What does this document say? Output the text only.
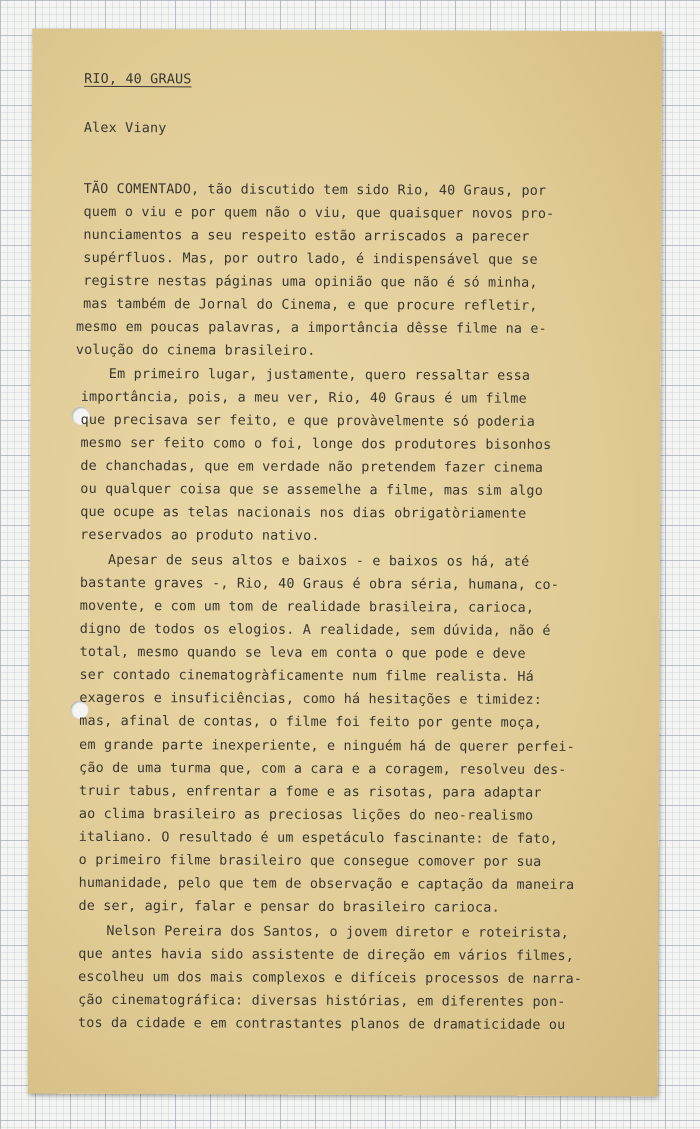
RIO, 40 GRAUS

Alex Viany

TÃO COMENTADO, tão discutido tem sido Rio, 40 Graus, por

quem o viu e por quem não o viu, que quaisquer novos pro-

nunciamentos a seu respeito estão arriscados a parecer

supérfluos. Mas, por outro lado, é indispensável que se

registre nestas páginas uma opinião que não é só minha,

mas também de Jornal do Cinema, e que procure refletir,

mesmo em poucas palavras, a importância dêsse filme na e-

volução do cinema brasileiro.

Em primeiro lugar, justamente, quero ressaltar essa

importância, pois, a meu ver, Rio, 40 Graus é um filme

que precisava ser feito, e que provàvelmente só poderia

mesmo ser feito como o foi, longe dos produtores bisonhos

de chanchadas, que em verdade não pretendem fazer cinema

ou qualquer coisa que se assemelhe a filme, mas sim algo

que ocupe as telas nacionais nos dias obrigatòriamente

reservados ao produto nativo.

Apesar de seus altos e baixos - e baixos os há, até

bastante graves -, Rio, 40 Graus é obra séria, humana, co-

movente, e com um tom de realidade brasileira, carioca,

digno de todos os elogios. A realidade, sem dúvida, não é

total, mesmo quando se leva em conta o que pode e deve

ser contado cinematogràficamente num filme realista. Há

exageros e insuficiências, como há hesitações e timidez:

mas, afinal de contas, o filme foi feito por gente moça,

em grande parte inexperiente, e ninguém há de querer perfei-

ção de uma turma que, com a cara e a coragem, resolveu des-

truir tabus, enfrentar a fome e as risotas, para adaptar

ao clima brasileiro as preciosas lições do neo-realismo

italiano. O resultado é um espetáculo fascinante: de fato,

o primeiro filme brasileiro que consegue comover por sua

humanidade, pelo que tem de observação e captação da maneira

de ser, agir, falar e pensar do brasileiro carioca.

Nelson Pereira dos Santos, o jovem diretor e roteirista,

que antes havia sido assistente de direção em vários filmes,

escolheu um dos mais complexos e difíceis processos de narra-

ção cinematográfica: diversas histórias, em diferentes pon-

tos da cidade e em contrastantes planos de dramaticidade ou
